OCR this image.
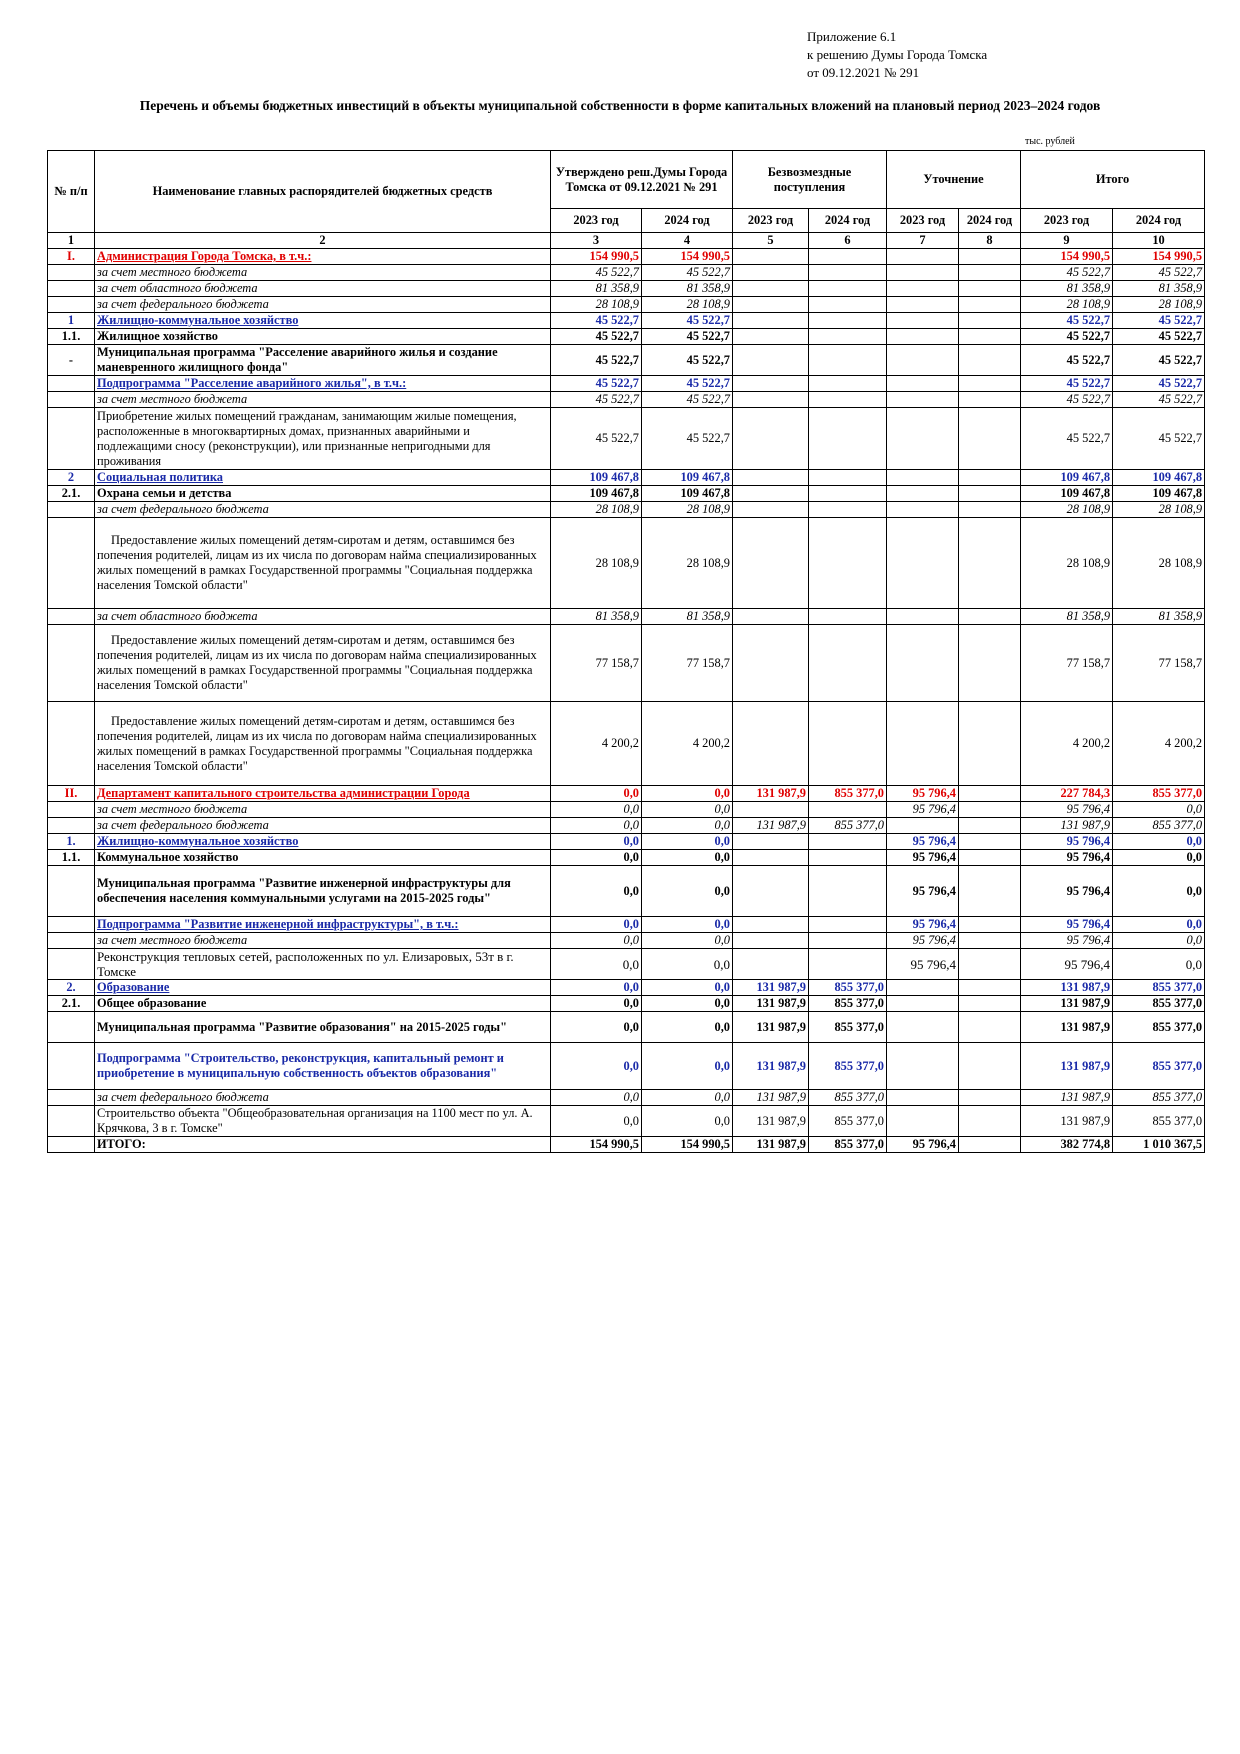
Приложение 6.1
к решению Думы Города Томска
от 09.12.2021 № 291
Перечень и объемы бюджетных инвестиций в объекты муниципальной собственности в форме капитальных вложений на плановый период 2023–2024 годов
тыс. рублей
№ п/п	Наименование главных распорядителей бюджетных средств	Утверждено реш.Думы Города Томска от 09.12.2021 № 291		Безвозмездные поступления		Уточнение		Итого	
		2023 год	2024 год	2023 год	2024 год	2023 год	2024 год	2023 год	2024 год
1	2	3	4	5	6	7	8	9	10
I.	Администрация Города Томска, в т.ч.:	154 990,5	154 990,5					154 990,5	154 990,5
	за счет местного бюджета	45 522,7	45 522,7					45 522,7	45 522,7
	за счет областного бюджета	81 358,9	81 358,9					81 358,9	81 358,9
	за счет федерального бюджета	28 108,9	28 108,9					28 108,9	28 108,9
1	Жилищно-коммунальное хозяйство	45 522,7	45 522,7					45 522,7	45 522,7
1.1.	Жилищное хозяйство	45 522,7	45 522,7					45 522,7	45 522,7
-	Муниципальная программа "Расселение аварийного жилья и создание маневренного жилищного фонда"	45 522,7	45 522,7					45 522,7	45 522,7
	Подпрограмма "Расселение аварийного жилья", в т.ч.:	45 522,7	45 522,7					45 522,7	45 522,7
	за счет местного бюджета	45 522,7	45 522,7					45 522,7	45 522,7
	Приобретение жилых помещений гражданам, занимающим жилые помещения, расположенные в многоквартирных домах, признанных аварийными и подлежащими сносу (реконструкции), или признанные непригодными для проживания	45 522,7	45 522,7					45 522,7	45 522,7
2	Социальная политика	109 467,8	109 467,8					109 467,8	109 467,8
2.1.	Охрана семьи и детства	109 467,8	109 467,8					109 467,8	109 467,8
	за счет федерального бюджета	28 108,9	28 108,9					28 108,9	28 108,9
	Предоставление жилых помещений детям-сиротам и детям, оставшимся без попечения родителей, лицам из их числа по договорам найма специализированных жилых помещений в рамках Государственной программы "Социальная поддержка населения Томской области"	28 108,9	28 108,9					28 108,9	28 108,9
	за счет областного бюджета	81 358,9	81 358,9					81 358,9	81 358,9
	Предоставление жилых помещений детям-сиротам и детям, оставшимся без попечения родителей, лицам из их числа по договорам найма специализированных жилых помещений в рамках Государственной программы "Социальная поддержка населения Томской области"	77 158,7	77 158,7					77 158,7	77 158,7
	Предоставление жилых помещений детям-сиротам и детям, оставшимся без попечения родителей, лицам из их числа по договорам найма специализированных жилых помещений в рамках Государственной программы "Социальная поддержка населения Томской области"	4 200,2	4 200,2					4 200,2	4 200,2
II.	Департамент капитального строительства администрации Города	0,0	0,0	131 987,9	855 377,0	95 796,4		227 784,3	855 377,0
	за счет местного бюджета	0,0	0,0			95 796,4		95 796,4	0,0
	за счет федерального бюджета	0,0	0,0	131 987,9	855 377,0			131 987,9	855 377,0
1.	Жилищно-коммунальное хозяйство	0,0	0,0			95 796,4		95 796,4	0,0
1.1.	Коммунальное хозяйство	0,0	0,0			95 796,4		95 796,4	0,0
	Муниципальная программа "Развитие инженерной инфраструктуры для обеспечения населения коммунальными услугами на 2015-2025 годы"	0,0	0,0			95 796,4		95 796,4	0,0
	Подпрограмма "Развитие инженерной инфраструктуры", в т.ч.:	0,0	0,0			95 796,4		95 796,4	0,0
	за счет местного бюджета	0,0	0,0			95 796,4		95 796,4	0,0
	Реконструкция тепловых сетей, расположенных по ул. Елизаровых, 53т в г. Томске	0,0	0,0			95 796,4		95 796,4	0,0
2.	Образование	0,0	0,0	131 987,9	855 377,0			131 987,9	855 377,0
2.1.	Общее образование	0,0	0,0	131 987,9	855 377,0			131 987,9	855 377,0
	Муниципальная программа "Развитие образования" на 2015-2025 годы"	0,0	0,0	131 987,9	855 377,0			131 987,9	855 377,0
	Подпрограмма "Строительство, реконструкция, капитальный ремонт и приобретение в муниципальную собственность объектов образования"	0,0	0,0	131 987,9	855 377,0			131 987,9	855 377,0
	за счет федерального бюджета	0,0	0,0	131 987,9	855 377,0			131 987,9	855 377,0
	Строительство объекта "Общеобразовательная организация на 1100 мест по ул. А. Крячкова, 3 в г. Томске"	0,0	0,0	131 987,9	855 377,0			131 987,9	855 377,0
	ИТОГО:	154 990,5	154 990,5	131 987,9	855 377,0	95 796,4		382 774,8	1 010 367,5
